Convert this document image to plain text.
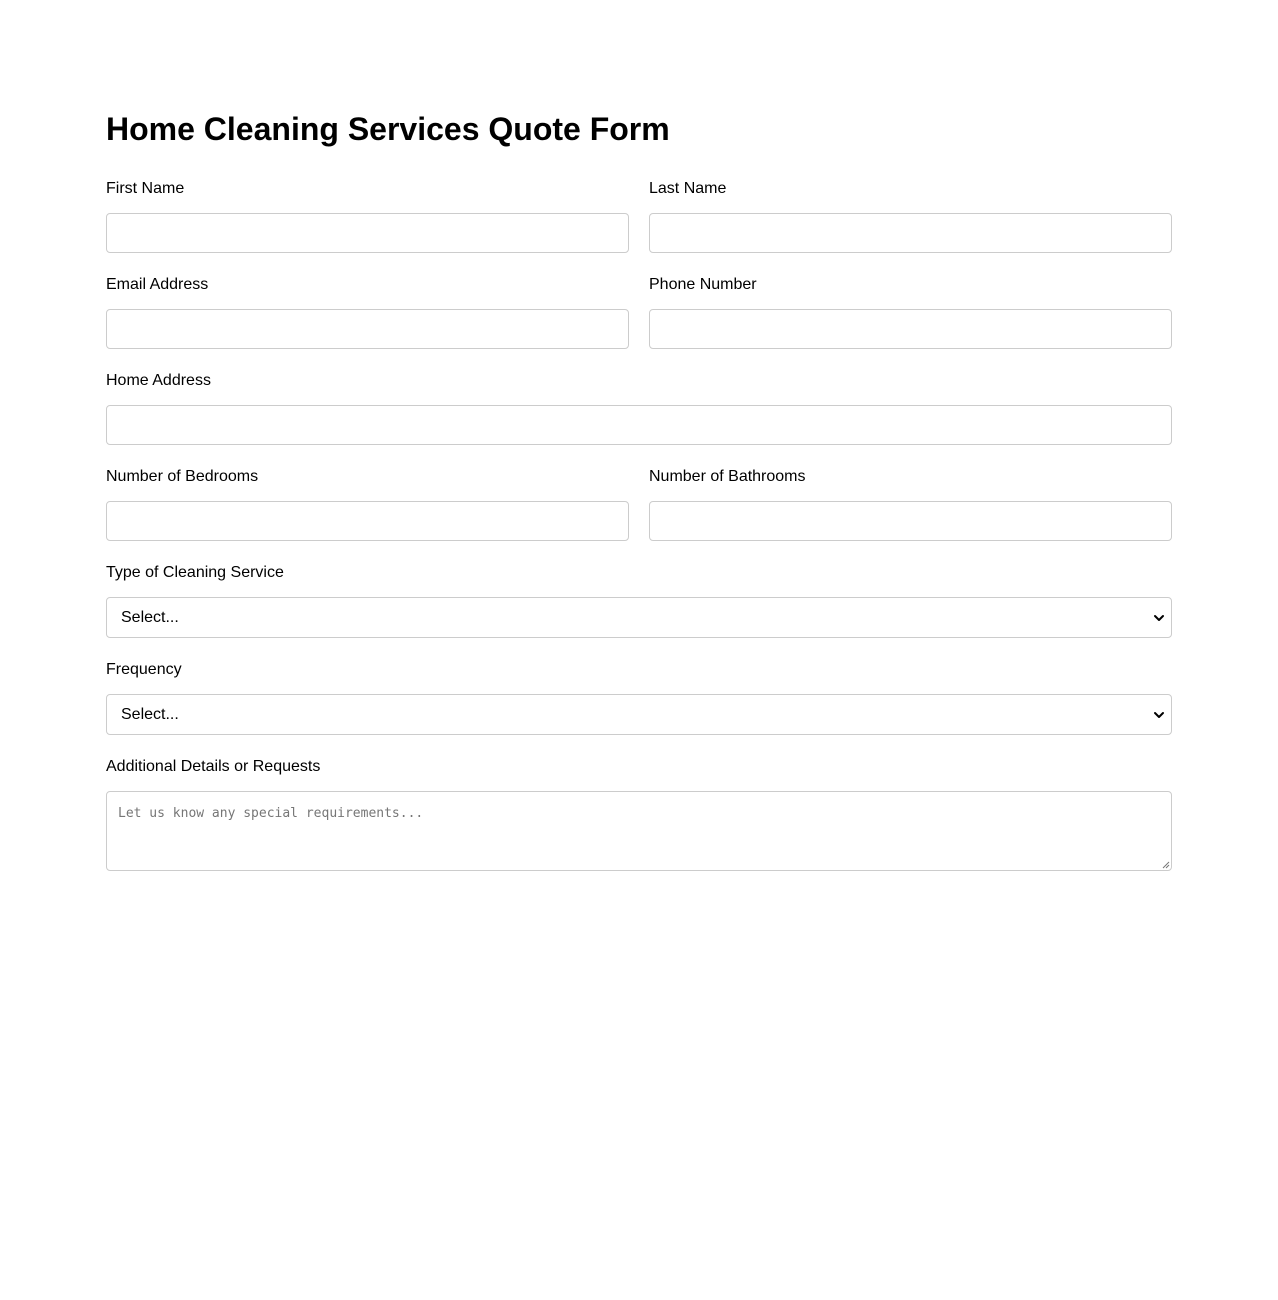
Home Cleaning Services Quote Form
First Name	Last Name
Email Address	Phone Number
Home Address
Number of Bedrooms	Number of Bathrooms
Type of Cleaning Service
Select...
Frequency
Select...
Additional Details or Requests
Let us know any special requirements...
